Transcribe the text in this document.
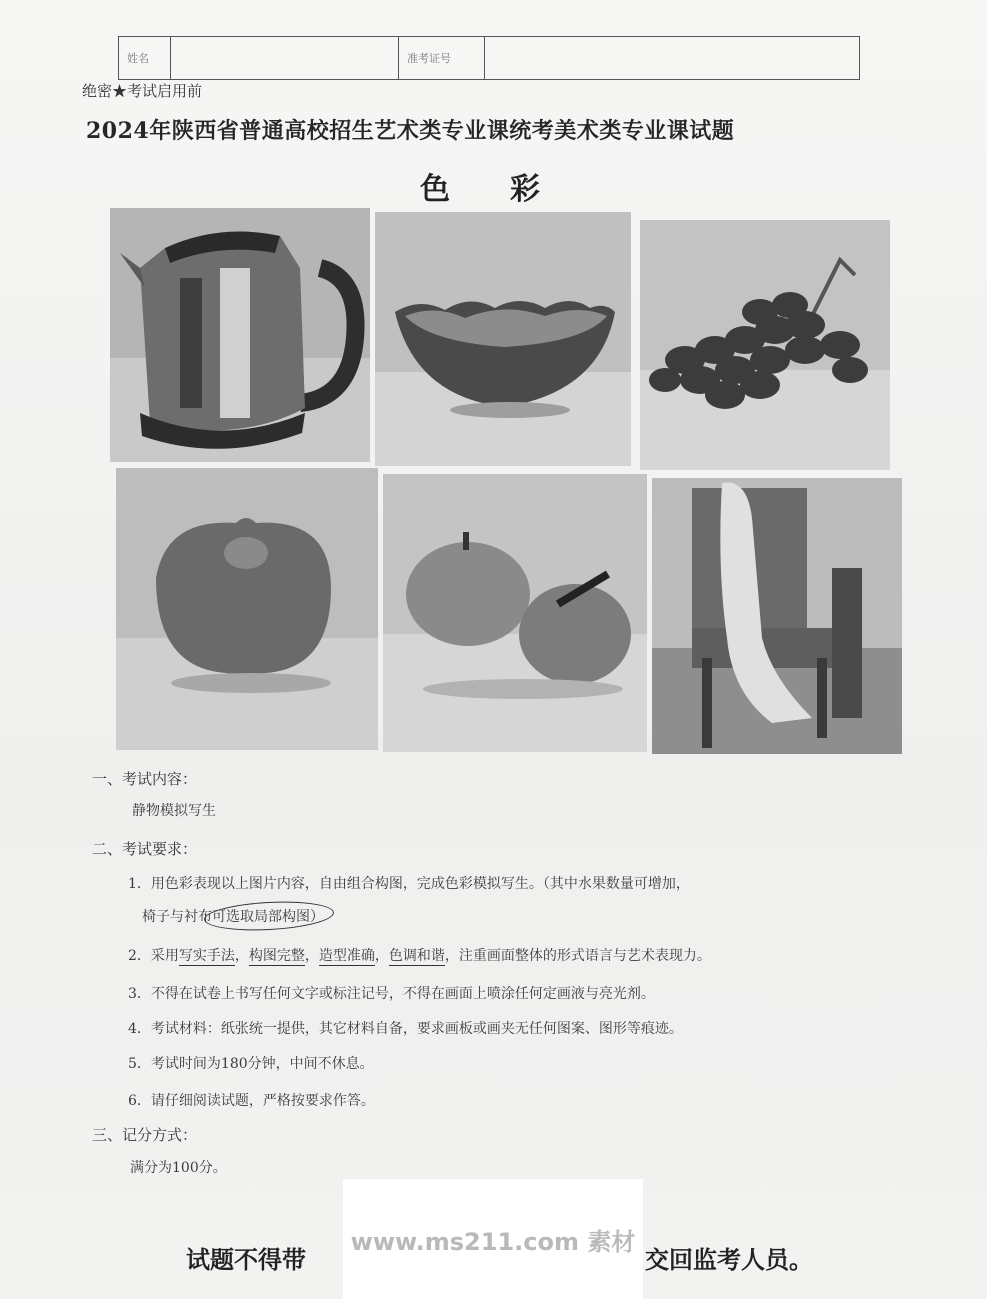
姓名	准考证号
绝密★考试启用前
2024年陕西省普通高校招生艺术类专业课统考美术类专业课试题
色彩
一、考试内容：
静物模拟写生
二、考试要求：
1．用色彩表现以上图片内容，自由组合构图，完成色彩模拟写生。（其中水果数量可增加，
椅子与衬布可选取局部构图）
2．采用写实手法，构图完整，造型准确，色调和谐，注重画面整体的形式语言与艺术表现力。
3．不得在试卷上书写任何文字或标注记号，不得在画面上喷涂任何定画液与亮光剂。
4．考试材料：纸张统一提供，其它材料自备，要求画板或画夹无任何图案、图形等痕迹。
5．考试时间为180分钟，中间不休息。
6．请仔细阅读试题，严格按要求作答。
三、记分方式：
满分为100分。
试题不得带	交回监考人员。
www.ms211.com 素材
